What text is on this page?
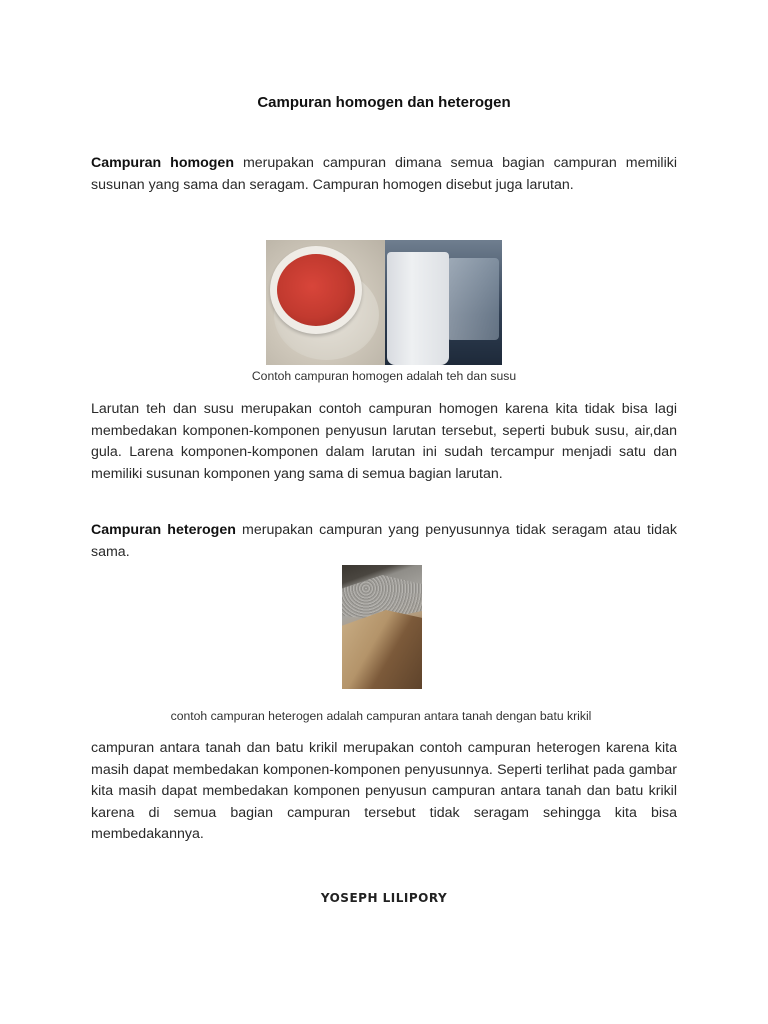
Campuran homogen dan heterogen

Campuran homogen merupakan campuran dimana semua bagian campuran memiliki susunan yang sama dan seragam. Campuran homogen disebut juga larutan.

Contoh campuran homogen adalah teh dan susu

Larutan teh dan susu merupakan contoh campuran homogen karena kita tidak bisa lagi membedakan komponen-komponen penyusun larutan tersebut, seperti bubuk susu, air,dan gula. Larena komponen-komponen dalam larutan ini sudah tercampur menjadi satu dan memiliki susunan komponen yang sama di semua bagian larutan.

Campuran heterogen merupakan campuran yang penyusunnya tidak seragam atau tidak sama.

contoh campuran heterogen adalah campuran antara tanah dengan batu krikil

campuran antara tanah dan batu krikil merupakan contoh campuran heterogen karena kita masih dapat membedakan komponen-komponen penyusunnya. Seperti terlihat pada gambar kita masih dapat membedakan komponen penyusun campuran antara tanah dan batu krikil karena di semua bagian campuran tersebut tidak seragam sehingga kita bisa membedakannya.

YOSEPH LILIPORY
